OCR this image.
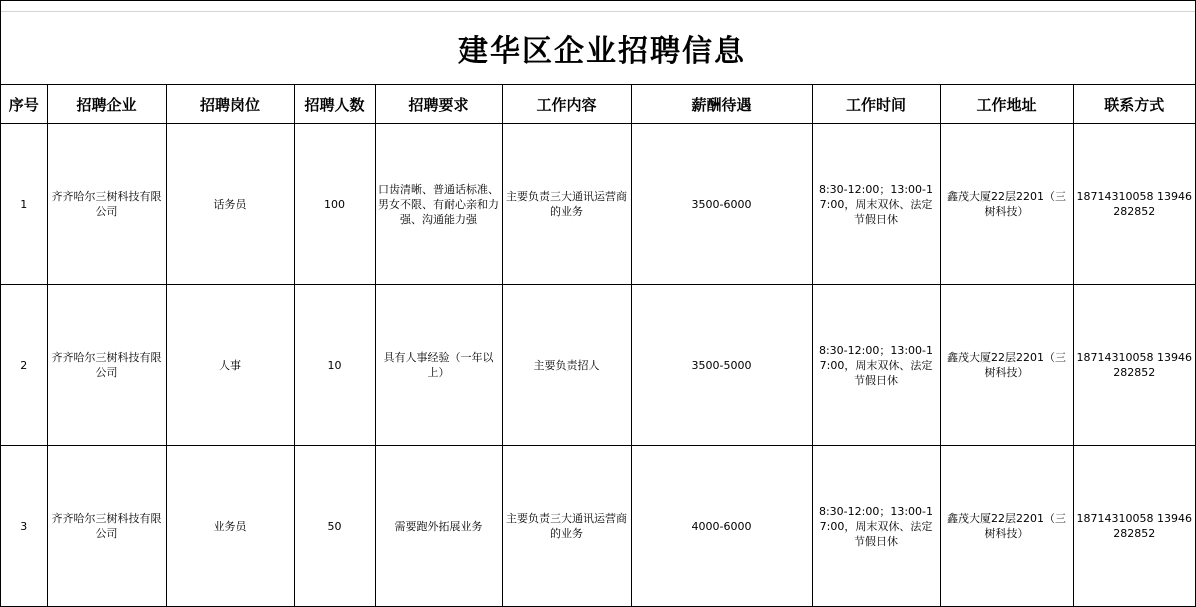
建华区企业招聘信息
序号	招聘企业	招聘岗位	招聘人数	招聘要求	工作内容	薪酬待遇	工作时间	工作地址	联系方式
1	齐齐哈尔三树科技有限公司	话务员	100	口齿清晰、普通话标准、男女不限、有耐心亲和力强、沟通能力强	主要负责三大通讯运营商的业务	3500-6000	8:30-12:00；13:00-17:00，周末双休、法定节假日休	鑫茂大厦22层2201（三树科技）	18714310058 13946282852

2	齐齐哈尔三树科技有限公司	人事	10	具有人事经验（一年以上）	主要负责招人	3500-5000	8:30-12:00；13:00-17:00，周末双休、法定节假日休	鑫茂大厦22层2201（三树科技）	18714310058 13946282852

3	齐齐哈尔三树科技有限公司	业务员	50	需要跑外拓展业务	主要负责三大通讯运营商的业务	4000-6000	8:30-12:00；13:00-17:00，周末双休、法定节假日休	鑫茂大厦22层2201（三树科技）	18714310058 13946282852
